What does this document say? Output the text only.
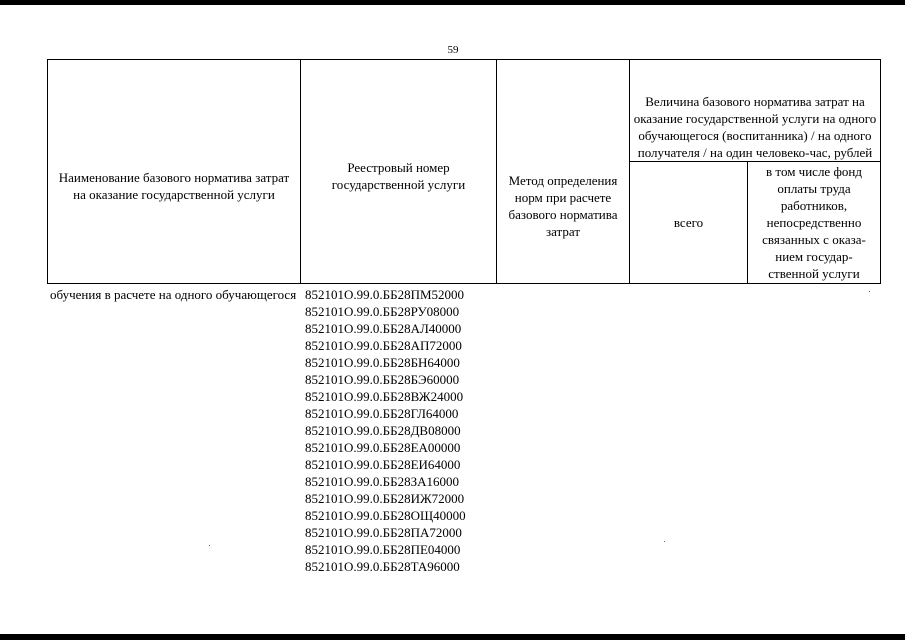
59
Наименование базового норматива затрат на оказание государственной услуги	Реестровый номер государственной услуги	Метод определения норм при расчете базового норматива затрат	Величина базового норматива затрат на оказание государственной услуги на одного обучающегося (воспитанника) / на одного получателя / на один человеко-час, рублей	
			всего	в том числе фонд оплаты труда работников, непосредственно связанных с оказа-нием государ-ственной услуги
обучения в расчете на одного обучающегося 852101О.99.0.ББ28ПМ52000
852101О.99.0.ББ28РУ08000
852101О.99.0.ББ28АЛ40000
852101О.99.0.ББ28АП72000
852101О.99.0.ББ28БН64000
852101О.99.0.ББ28БЭ60000
852101О.99.0.ББ28ВЖ24000
852101О.99.0.ББ28ГЛ64000
852101О.99.0.ББ28ДВ08000
852101О.99.0.ББ28ЕА00000
852101О.99.0.ББ28ЕИ64000
852101О.99.0.ББ28ЗА16000
852101О.99.0.ББ28ИЖ72000
852101О.99.0.ББ28ОЩ40000
852101О.99.0.ББ28ПА72000
852101О.99.0.ББ28ПЕ04000
852101О.99.0.ББ28ТА96000
